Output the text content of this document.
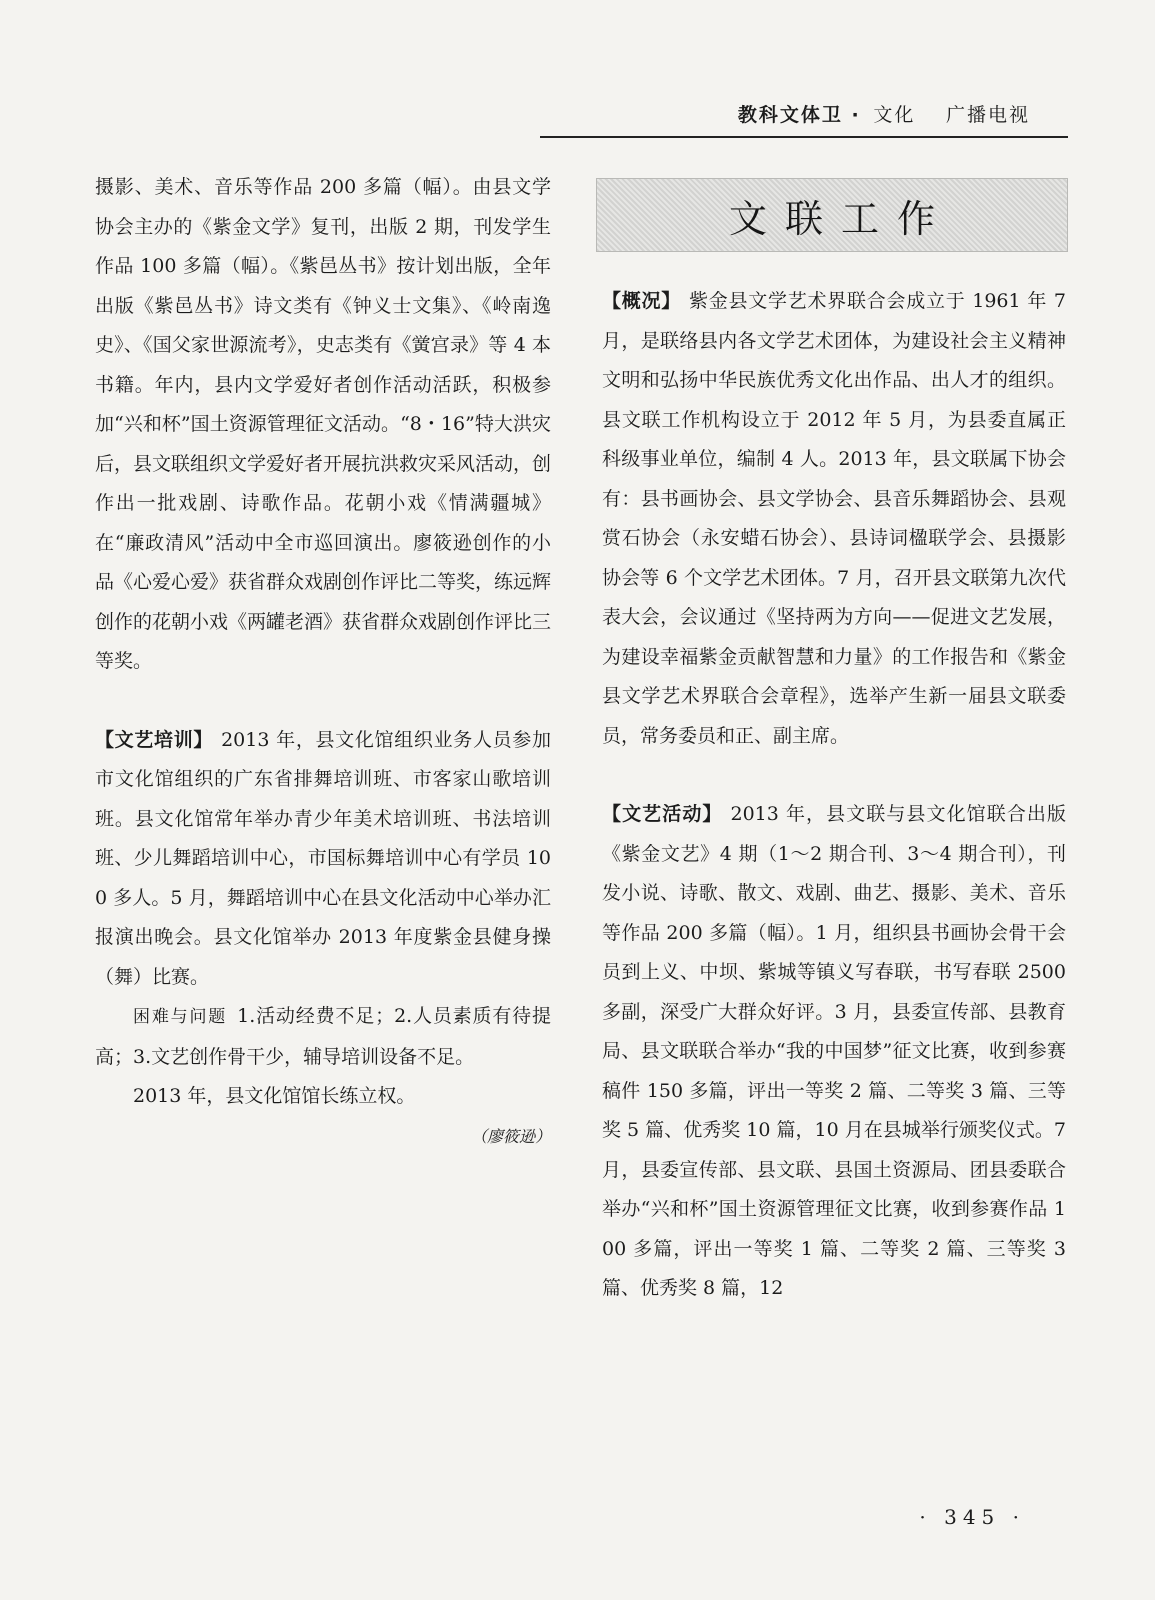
教科文体卫 · 文化 广播电视

摄影、美术、音乐等作品 200 多篇（幅）。由县文学协会主办的《紫金文学》复刊，出版 2 期，刊发学生作品 100 多篇（幅）。《紫邑丛书》按计划出版，全年出版《紫邑丛书》诗文类有《钟义士文集》、《岭南逸史》、《国父家世源流考》，史志类有《黉宫录》等 4 本书籍。年内，县内文学爱好者创作活动活跃，积极参加“兴和杯”国土资源管理征文活动。“8・16”特大洪灾后，县文联组织文学爱好者开展抗洪救灾采风活动，创作出一批戏剧、诗歌作品。花朝小戏《情满疆城》在“廉政清风”活动中全市巡回演出。廖筱逊创作的小品《心爱心爱》获省群众戏剧创作评比二等奖，练远辉创作的花朝小戏《两罐老酒》获省群众戏剧创作评比三等奖。

【文艺培训】 2013 年，县文化馆组织业务人员参加市文化馆组织的广东省排舞培训班、市客家山歌培训班。县文化馆常年举办青少年美术培训班、书法培训班、少儿舞蹈培训中心，市国标舞培训中心有学员 100 多人。5 月，舞蹈培训中心在县文化活动中心举办汇报演出晚会。县文化馆举办 2013 年度紫金县健身操（舞）比赛。

困难与问题 1.活动经费不足；2.人员素质有待提高；3.文艺创作骨干少，辅导培训设备不足。

2013 年，县文化馆馆长练立权。

（廖筱逊）

文联工作

【概况】 紫金县文学艺术界联合会成立于 1961 年 7 月，是联络县内各文学艺术团体，为建设社会主义精神文明和弘扬中华民族优秀文化出作品、出人才的组织。县文联工作机构设立于 2012 年 5 月，为县委直属正科级事业单位，编制 4 人。2013 年，县文联属下协会有：县书画协会、县文学协会、县音乐舞蹈协会、县观赏石协会（永安蜡石协会）、县诗词楹联学会、县摄影协会等 6 个文学艺术团体。7 月，召开县文联第九次代表大会，会议通过《坚持两为方向——促进文艺发展，为建设幸福紫金贡献智慧和力量》的工作报告和《紫金县文学艺术界联合会章程》，选举产生新一届县文联委员，常务委员和正、副主席。

【文艺活动】 2013 年，县文联与县文化馆联合出版《紫金文艺》4 期（1～2 期合刊、3～4 期合刊），刊发小说、诗歌、散文、戏剧、曲艺、摄影、美术、音乐等作品 200 多篇（幅）。1 月，组织县书画协会骨干会员到上义、中坝、紫城等镇义写春联，书写春联 2500 多副，深受广大群众好评。3 月，县委宣传部、县教育局、县文联联合举办“我的中国梦”征文比赛，收到参赛稿件 150 多篇，评出一等奖 2 篇、二等奖 3 篇、三等奖 5 篇、优秀奖 10 篇，10 月在县城举行颁奖仪式。7 月，县委宣传部、县文联、县国土资源局、团县委联合举办“兴和杯”国土资源管理征文比赛，收到参赛作品 100 多篇，评出一等奖 1 篇、二等奖 2 篇、三等奖 3 篇、优秀奖 8 篇，12

· 345 ·
